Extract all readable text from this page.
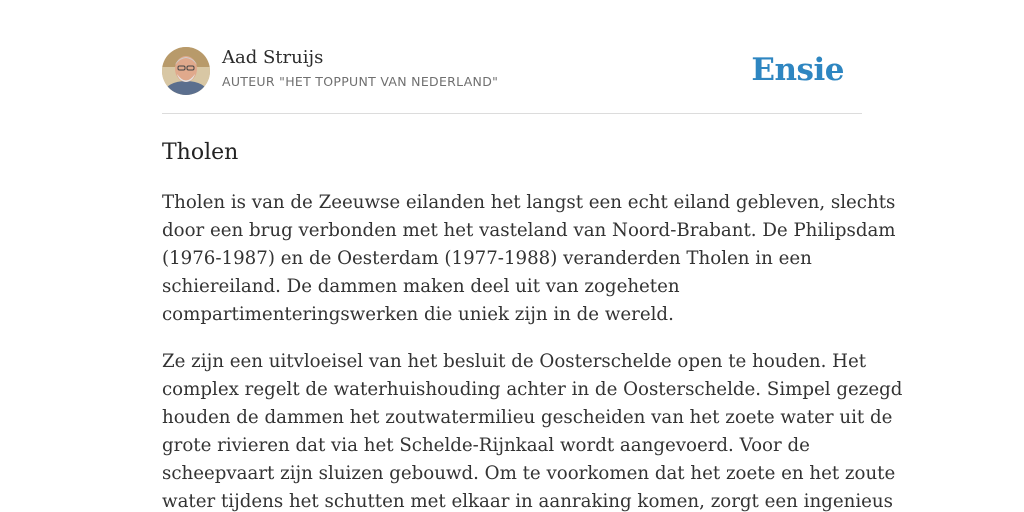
Aad Struijs
AUTEUR "HET TOPPUNT VAN NEDERLAND"	Ensie
Tholen

Tholen is van de Zeeuwse eilanden het langst een echt eiland gebleven, slechts
door een brug verbonden met het vasteland van Noord-Brabant. De Philipsdam
(1976-1987) en de Oesterdam (1977-1988) veranderden Tholen in een
schiereiland. De dammen maken deel uit van zogeheten
compartimenteringswerken die uniek zijn in de wereld.

Ze zijn een uitvloeisel van het besluit de Oosterschelde open te houden. Het
complex regelt de waterhuishouding achter in de Oosterschelde. Simpel gezegd
houden de dammen het zoutwatermilieu gescheiden van het zoete water uit de
grote rivieren dat via het Schelde-Rijnkaal wordt aangevoerd. Voor de
scheepvaart zijn sluizen gebouwd. Om te voorkomen dat het zoete en het zoute
water tijdens het schutten met elkaar in aanraking komen, zorgt een ingenieus
